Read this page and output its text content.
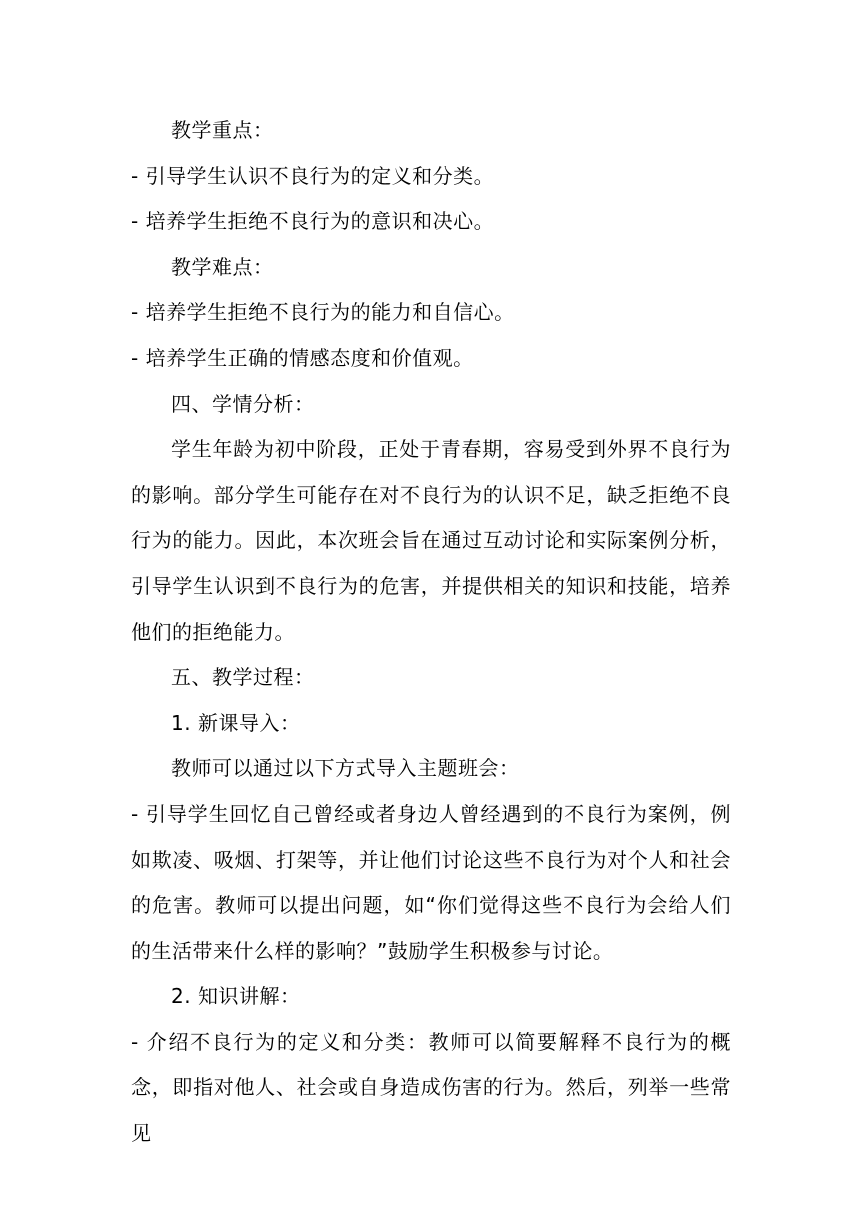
教学重点：

- 引导学生认识不良行为的定义和分类。

- 培养学生拒绝不良行为的意识和决心。

教学难点：

- 培养学生拒绝不良行为的能力和自信心。

- 培养学生正确的情感态度和价值观。

四、学情分析：

学生年龄为初中阶段，正处于青春期，容易受到外界不良行为的影响。部分学生可能存在对不良行为的认识不足，缺乏拒绝不良行为的能力。因此，本次班会旨在通过互动讨论和实际案例分析，引导学生认识到不良行为的危害，并提供相关的知识和技能，培养他们的拒绝能力。

五、教学过程：

1. 新课导入：

教师可以通过以下方式导入主题班会：

- 引导学生回忆自己曾经或者身边人曾经遇到的不良行为案例，例如欺凌、吸烟、打架等，并让他们讨论这些不良行为对个人和社会的危害。教师可以提出问题，如“你们觉得这些不良行为会给人们的生活带来什么样的影响？”鼓励学生积极参与讨论。

2. 知识讲解：

- 介绍不良行为的定义和分类：教师可以简要解释不良行为的概念，即指对他人、社会或自身造成伤害的行为。然后，列举一些常见
